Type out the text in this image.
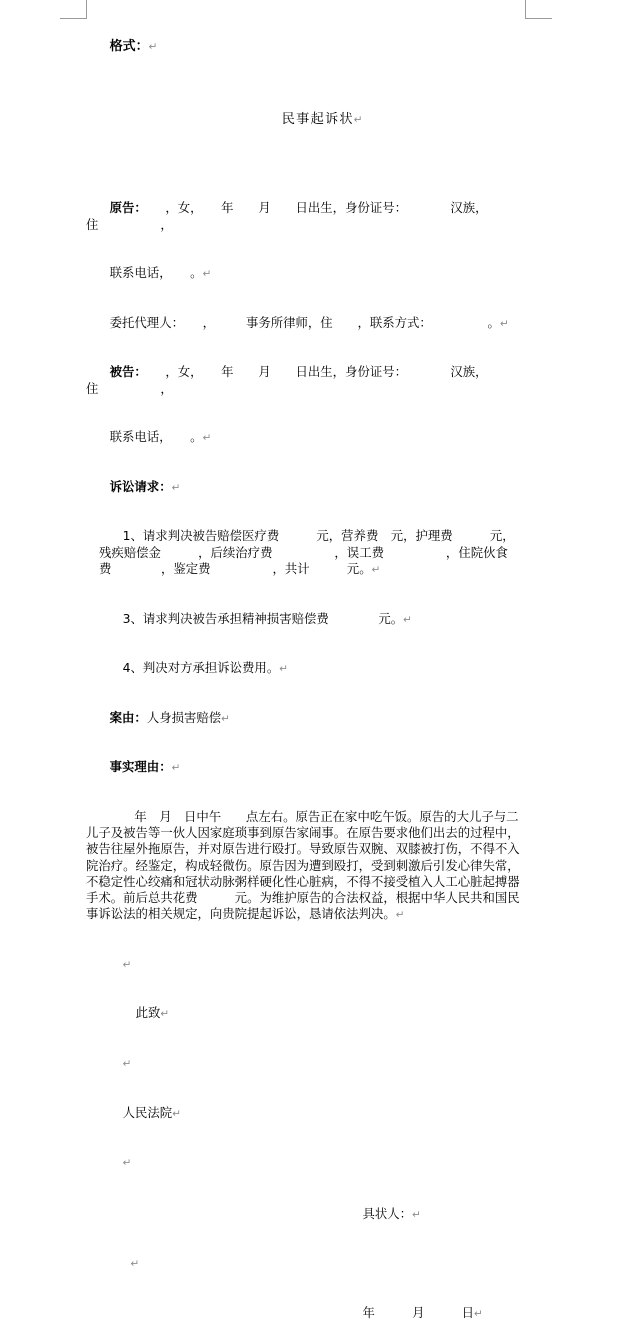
格式：↵

民事起诉状↵

原告：　　，女，　　年　　月　　日出生，身份证号：　　　　汉族，住　　　　　，

联系电话，　　。↵

委托代理人：　　，　　　事务所律师，住　　，联系方式：　　　　　。↵

被告：　　，女，　　年　　月　　日出生，身份证号：　　　　汉族，住　　　　　，

联系电话，　　。↵

诉讼请求：↵

1、请求判决被告赔偿医疗费　　　元，营养费　元，护理费　　　元，残疾赔偿金　　　，后续治疗费　　　　　，误工费　　　　　，住院伙食费　　　　，鉴定费　　　　　，共计　　　元。↵

3、请求判决被告承担精神损害赔偿费　　　　元。↵

4、判决对方承担诉讼费用。↵

案由：人身损害赔偿↵

事实理由：↵

　　年　月　日中午　　点左右。原告正在家中吃午饭。原告的大儿子与二儿子及被告等一伙人因家庭琐事到原告家闹事。在原告要求他们出去的过程中，被告往屋外拖原告，并对原告进行殴打。导致原告双腕、双膝被打伤，不得不入院治疗。经鉴定，构成轻微伤。原告因为遭到殴打，受到刺激后引发心律失常，不稳定性心绞痛和冠状动脉粥样硬化性心脏病，不得不接受植入人工心脏起搏器手术。前后总共花费　　　元。为维护原告的合法权益，根据中华人民共和国民事诉讼法的相关规定，向贵院提起诉讼，恳请依法判决。↵

↵

此致↵

↵

人民法院↵

↵

具状人：↵

↵

年　　　月　　　日↵
